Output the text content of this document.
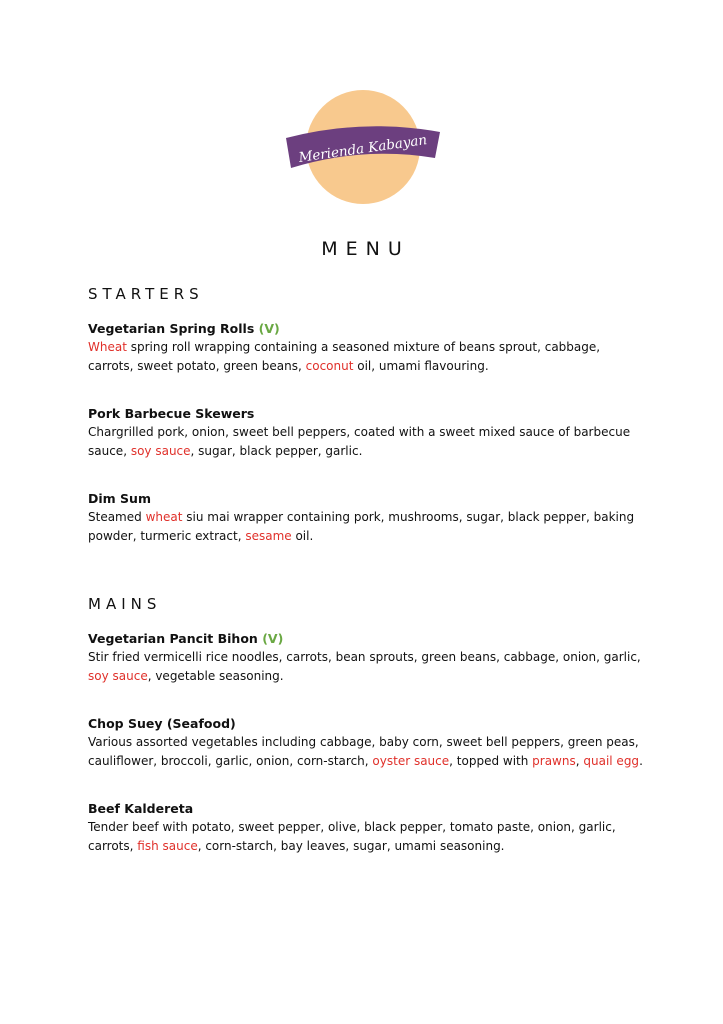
Merienda Kabayan
MENU
STARTERS

Vegetarian Spring Rolls (V)

Wheat spring roll wrapping containing a seasoned mixture of beans sprout, cabbage,

carrots, sweet potato, green beans, coconut oil, umami flavouring.

Pork Barbecue Skewers

Chargrilled pork, onion, sweet bell peppers, coated with a sweet mixed sauce of barbecue

sauce, soy sauce, sugar, black pepper, garlic.

Dim Sum

Steamed wheat siu mai wrapper containing pork, mushrooms, sugar, black pepper, baking

powder, turmeric extract, sesame oil.

MAINS

Vegetarian Pancit Bihon (V)

Stir fried vermicelli rice noodles, carrots, bean sprouts, green beans, cabbage, onion, garlic,

soy sauce, vegetable seasoning.

Chop Suey (Seafood)

Various assorted vegetables including cabbage, baby corn, sweet bell peppers, green peas,

cauliflower, broccoli, garlic, onion, corn-starch, oyster sauce, topped with prawns, quail egg.

Beef Kaldereta

Tender beef with potato, sweet pepper, olive, black pepper, tomato paste, onion, garlic,

carrots, fish sauce, corn-starch, bay leaves, sugar, umami seasoning.
